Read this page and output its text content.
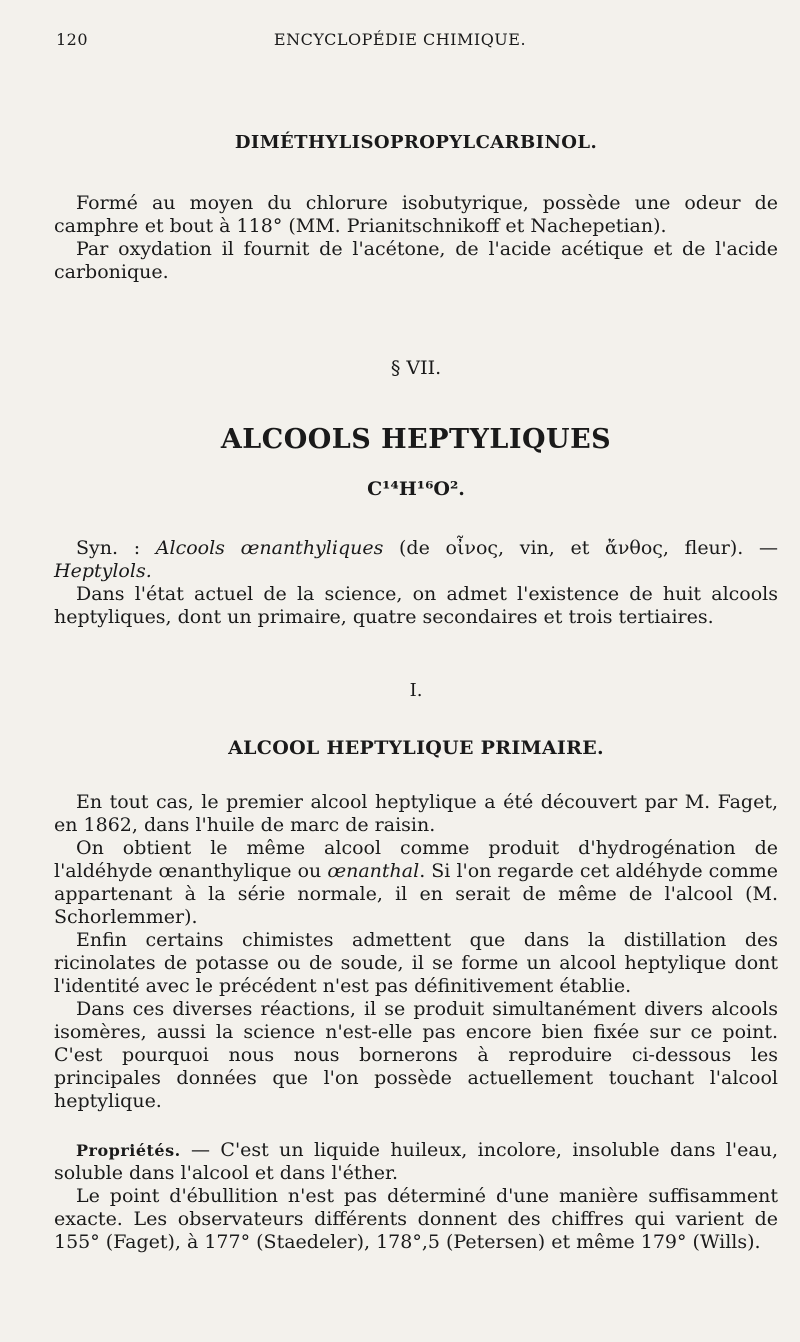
120	ENCYCLOPÉDIE CHIMIQUE.
DIMÉTHYLISOPROPYLCARBINOL.

Formé au moyen du chlorure isobutyrique, possède une odeur de camphre et bout à 118° (MM. Prianitschnikoff et Nachepetian).

Par oxydation il fournit de l'acétone, de l'acide acétique et de l'acide carbonique.

§ VII.
ALCOOLS HEPTYLIQUES
C¹⁴H¹⁶O².

Syn. : Alcools œnanthyliques (de οἶνος, vin, et ἄνθος, fleur). — Heptylols.

Dans l'état actuel de la science, on admet l'existence de huit alcools heptyliques, dont un primaire, quatre secondaires et trois tertiaires.

I.
ALCOOL HEPTYLIQUE PRIMAIRE.

En tout cas, le premier alcool heptylique a été découvert par M. Faget, en 1862, dans l'huile de marc de raisin.

On obtient le même alcool comme produit d'hydrogénation de l'aldéhyde œnanthylique ou œnanthal. Si l'on regarde cet aldéhyde comme appartenant à la série normale, il en serait de même de l'alcool (M. Schorlemmer).

Enfin certains chimistes admettent que dans la distillation des ricinolates de potasse ou de soude, il se forme un alcool heptylique dont l'identité avec le précédent n'est pas définitivement établie.

Dans ces diverses réactions, il se produit simultanément divers alcools isomères, aussi la science n'est-elle pas encore bien fixée sur ce point. C'est pourquoi nous nous bornerons à reproduire ci-dessous les principales données que l'on possède actuellement touchant l'alcool heptylique.

Propriétés. — C'est un liquide huileux, incolore, insoluble dans l'eau, soluble dans l'alcool et dans l'éther.

Le point d'ébullition n'est pas déterminé d'une manière suffisamment exacte. Les observateurs différents donnent des chiffres qui varient de 155° (Faget), à 177° (Staedeler), 178°,5 (Petersen) et même 179° (Wills).
